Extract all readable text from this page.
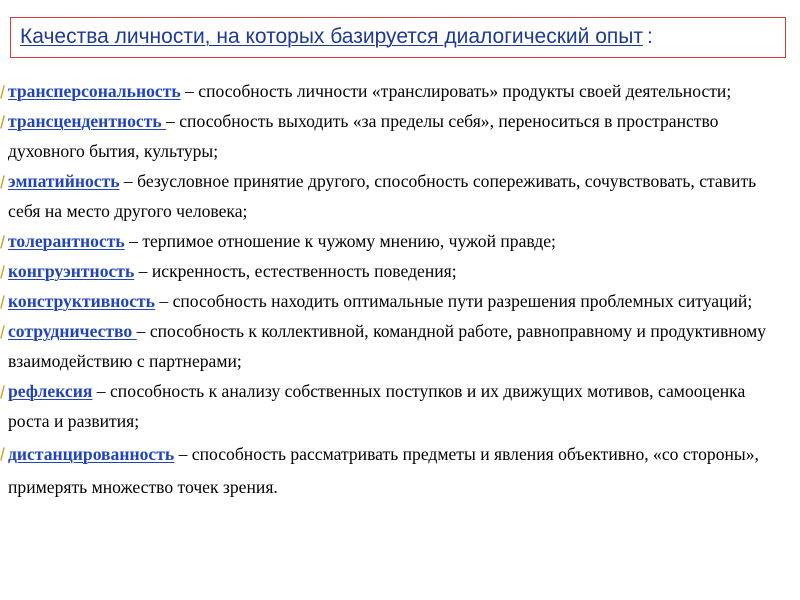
Качества личности, на которых базируется диалогический опыт :
трансперсональность – способность личности «транслировать» продукты своей деятельности;
трансцендентность – способность выходить «за пределы себя», переноситься в пространство духовного бытия, культуры;
эмпатийность – безусловное принятие другого, способность сопереживать, сочувствовать, ставить себя на место другого человека;
толерантность – терпимое отношение к чужому мнению, чужой правде;
конгруэнтность – искренность, естественность поведения;
конструктивность – способность находить оптимальные пути разрешения проблемных ситуаций;
сотрудничество – способность к коллективной, командной работе, равноправному и продуктивному взаимодействию с партнерами;
рефлексия – способность к анализу собственных поступков и их движущих мотивов, самооценка роста и развития;
дистанцированность – способность рассматривать предметы и явления объективно, «со стороны», примерять множество точек зрения.
